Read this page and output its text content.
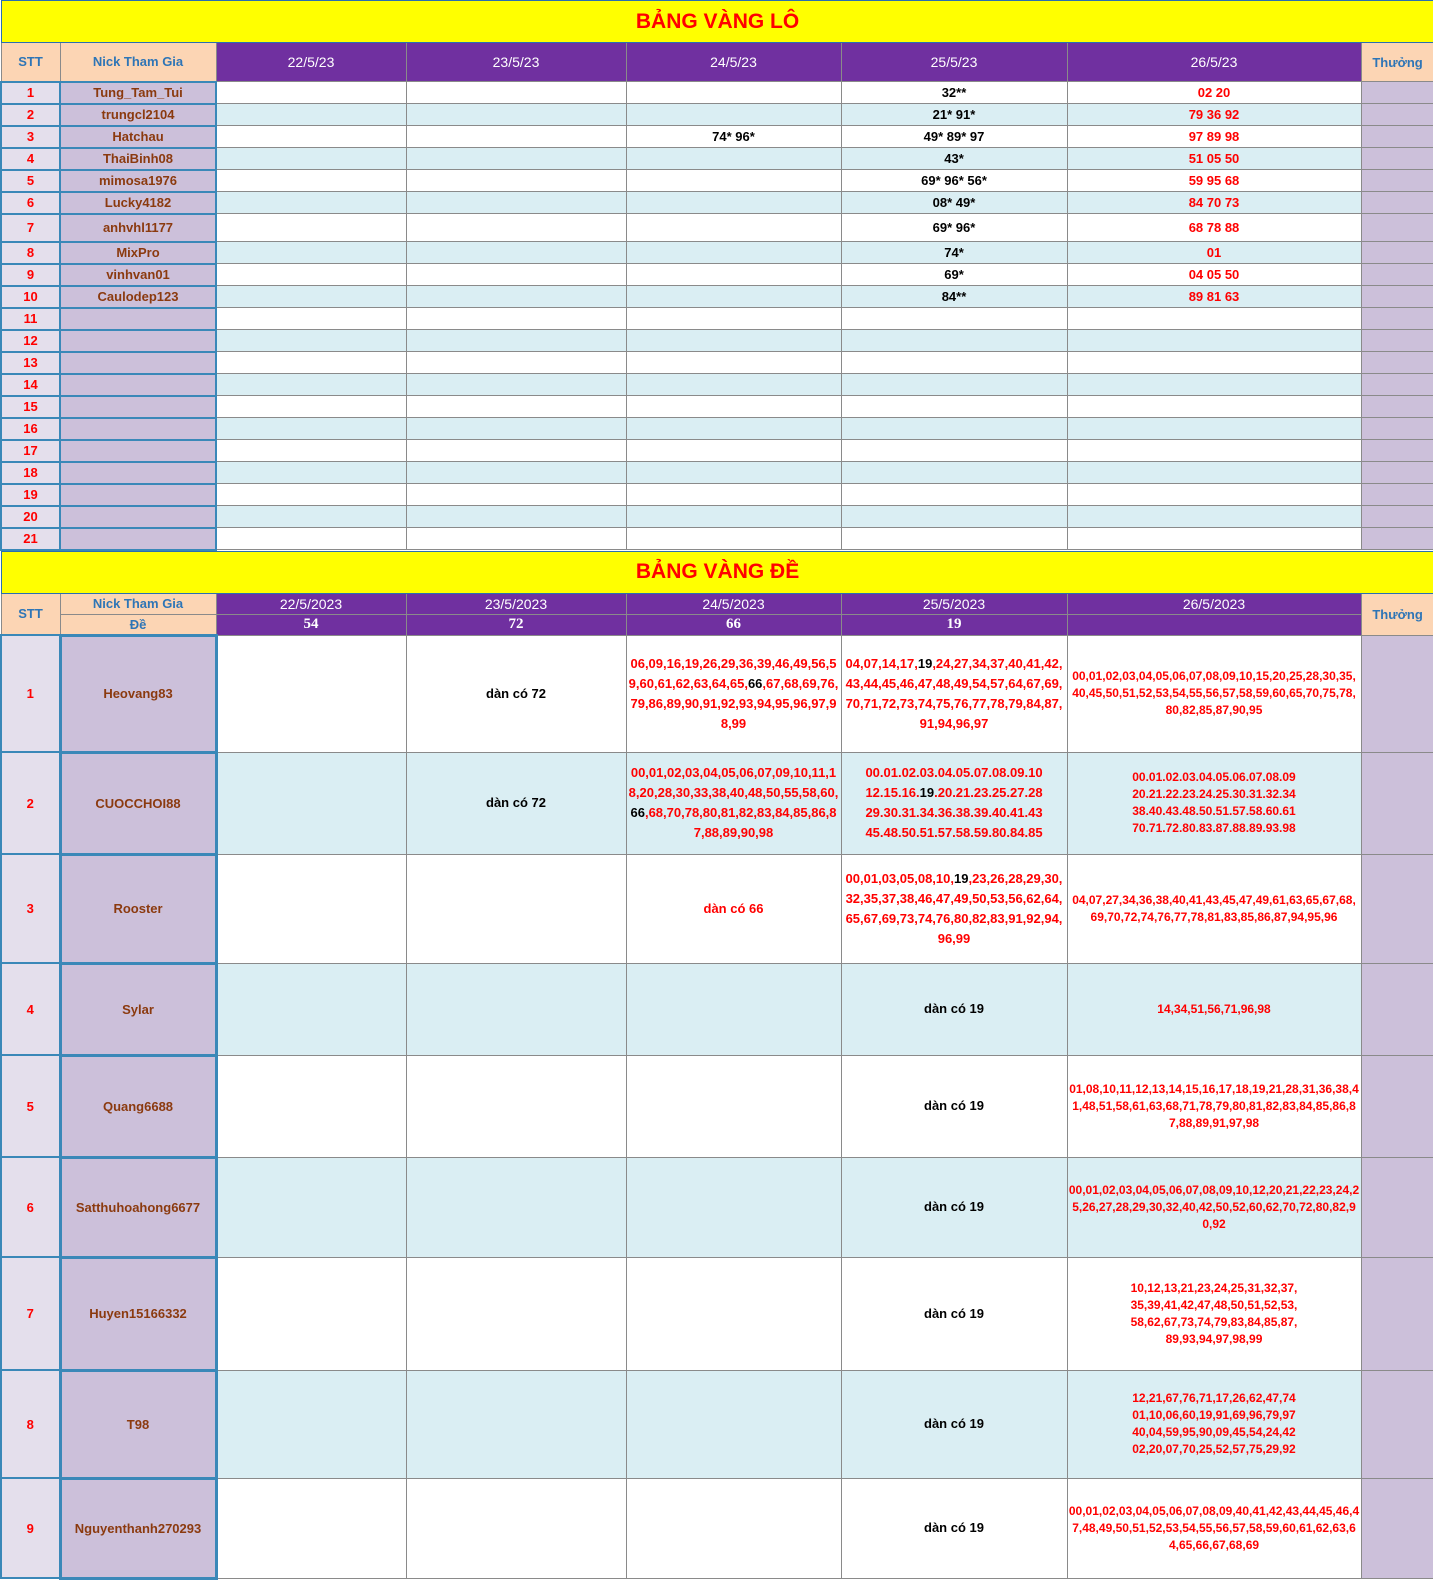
BẢNG VÀNG LÔ							
STT	Nick Tham Gia	22/5/23	23/5/23	24/5/23	25/5/23	26/5/23	Thưởng
1	Tung_Tam_Tui				32**	02 20	
2	trungcl2104				21* 91*	79 36 92	
3	Hatchau			74* 96*	49* 89* 97	97 89 98	
4	ThaiBinh08				43*	51 05 50	
5	mimosa1976				69* 96* 56*	59 95 68	
6	Lucky4182				08* 49*	84 70 73	
7	anhvhl1177				69* 96*	68 78 88	
8	MixPro				74*	01	
9	vinhvan01				69*	04 05 50	
10	Caulodep123				84**	89 81 63	
11							
12							
13							
14							
15							
16							
17							
18							
19							
20							
21							
BẢNG VÀNG ĐỀ							
STT	Nick Tham Gia	22/5/2023	23/5/2023	24/5/2023	25/5/2023	26/5/2023	Thưởng
	Đề	54	72	66	19		
1	Heovang83		dàn có 72	06,09,16,19,26,29,36,39,46,49,56,59,60,61,62,63,64,65,66,67,68,69,76,79,86,89,90,91,92,93,94,95,96,97,98,99	04,07,14,17,19,24,27,34,37,40,41,42,43,44,45,46,47,48,49,54,57,64,67,69,70,71,72,73,74,75,76,77,78,79,84,87,91,94,96,97	00,01,02,03,04,05,06,07,08,09,10,15,20,25,28,30,35,40,45,50,51,52,53,54,55,56,57,58,59,60,65,70,75,78,80,82,85,87,90,95	
2	CUOCCHOI88		dàn có 72	00,01,02,03,04,05,06,07,09,10,11,18,20,28,30,33,38,40,48,50,55,58,60,66,68,70,78,80,81,82,83,84,85,86,87,88,89,90,98	00.01.02.03.04.05.07.08.09.10 12.15.16.19.20.21.23.25.27.28 29.30.31.34.36.38.39.40.41.43 45.48.50.51.57.58.59.80.84.85	00.01.02.03.04.05.06.07.08.09 20.21.22.23.24.25.30.31.32.34 38.40.43.48.50.51.57.58.60.61 70.71.72.80.83.87.88.89.93.98	
3	Rooster			dàn có 66	00,01,03,05,08,10,19,23,26,28,29,30,32,35,37,38,46,47,49,50,53,56,62,64,65,67,69,73,74,76,80,82,83,91,92,94,96,99	04,07,27,34,36,38,40,41,43,45,47,49,61,63,65,67,68,69,70,72,74,76,77,78,81,83,85,86,87,94,95,96	
4	Sylar				dàn có 19	14,34,51,56,71,96,98	
5	Quang6688				dàn có 19	01,08,10,11,12,13,14,15,16,17,18,19,21,28,31,36,38,41,48,51,58,61,63,68,71,78,79,80,81,82,83,84,85,86,87,88,89,91,97,98	
6	Satthuhoahong6677				dàn có 19	00,01,02,03,04,05,06,07,08,09,10,12,20,21,22,23,24,25,26,27,28,29,30,32,40,42,50,52,60,62,70,72,80,82,90,92	
7	Huyen15166332				dàn có 19	10,12,13,21,23,24,25,31,32,37, 35,39,41,42,47,48,50,51,52,53, 58,62,67,73,74,79,83,84,85,87, 89,93,94,97,98,99	
8	T98				dàn có 19	12,21,67,76,71,17,26,62,47,74 01,10,06,60,19,91,69,96,79,97 40,04,59,95,90,09,45,54,24,42 02,20,07,70,25,52,57,75,29,92	
9	Nguyenthanh270293				dàn có 19	00,01,02,03,04,05,06,07,08,09,40,41,42,43,44,45,46,47,48,49,50,51,52,53,54,55,56,57,58,59,60,61,62,63,64,65,66,67,68,69	
